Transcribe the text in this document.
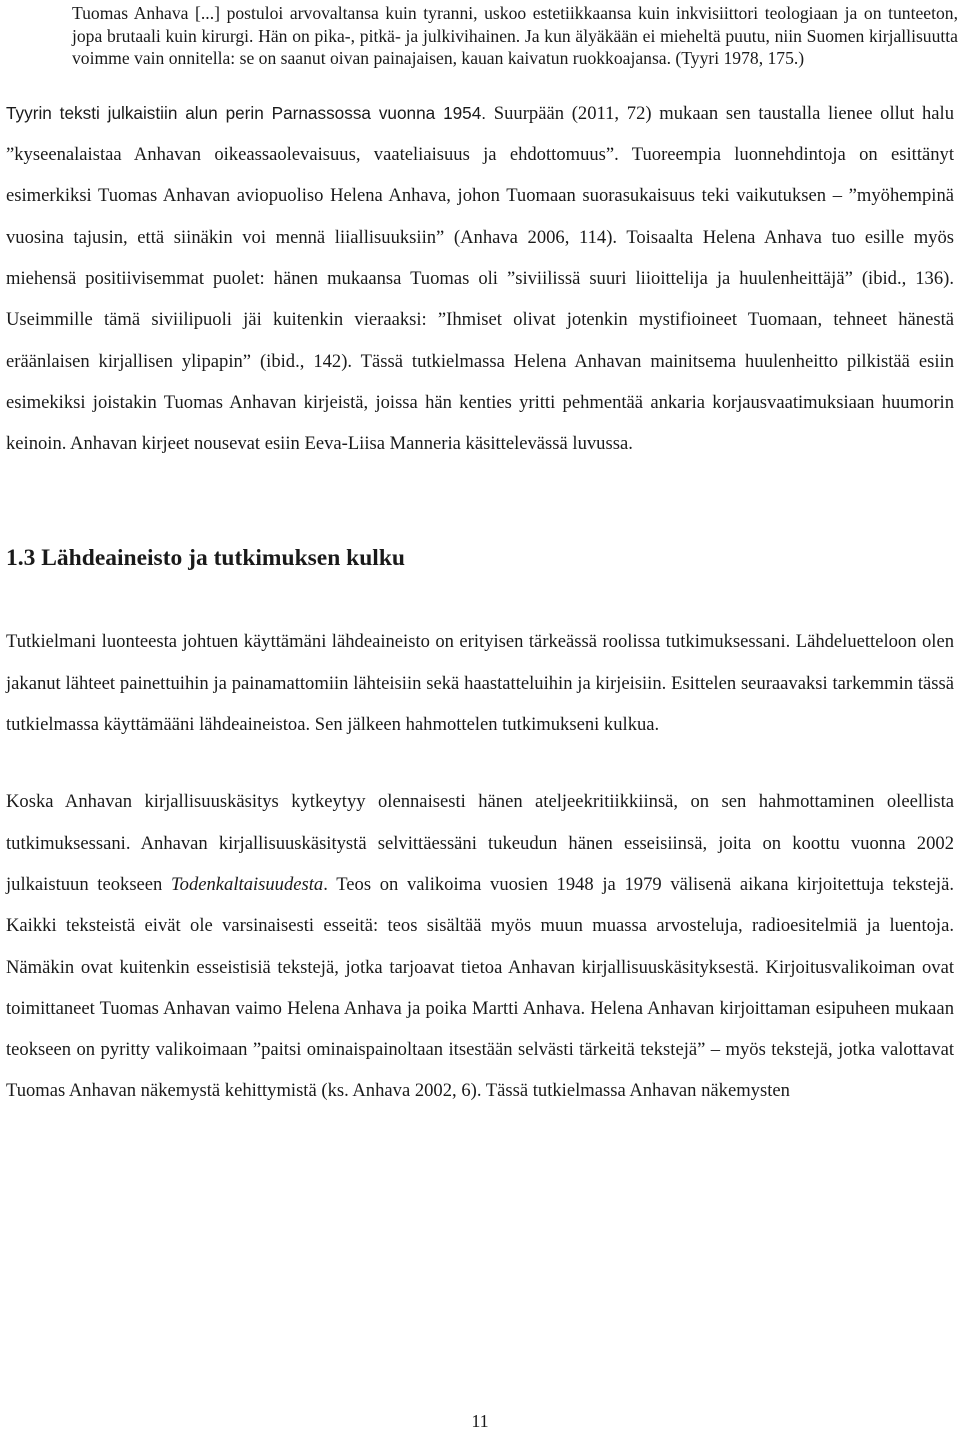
Tuomas Anhava [...] postuloi arvovaltansa kuin tyranni, uskoo estetiikkaansa kuin inkvisiittori teologiaan ja on tunteeton, jopa brutaali kuin kirurgi. Hän on pika-, pitkä- ja julkivihainen. Ja kun älyäkään ei mieheltä puutu, niin Suomen kirjallisuutta voimme vain onnitella: se on saanut oivan painajaisen, kauan kaivatun ruokkoajansa. (Tyyri 1978, 175.)

Tyyrin teksti julkaistiin alun perin Parnassossa vuonna 1954. Suurpään (2011, 72) mukaan sen taustalla lienee ollut halu ”kyseenalaistaa Anhavan oikeassaolevaisuus, vaateliaisuus ja ehdottomuus”. Tuoreempia luonnehdintoja on esittänyt esimerkiksi Tuomas Anhavan aviopuoliso Helena Anhava, johon Tuomaan suorasukaisuus teki vaikutuksen – ”myöhempinä vuosina tajusin, että siinäkin voi mennä liiallisuuksiin” (Anhava 2006, 114). Toisaalta Helena Anhava tuo esille myös miehensä positiivisemmat puolet: hänen mukaansa Tuomas oli ”siviilissä suuri liioittelija ja huulenheittäjä” (ibid., 136). Useimmille tämä siviilipuoli jäi kuitenkin vieraaksi: ”Ihmiset olivat jotenkin mystifioineet Tuomaan, tehneet hänestä eräänlaisen kirjallisen ylipapin” (ibid., 142). Tässä tutkielmassa Helena Anhavan mainitsema huulenheitto pilkistää esiin esimekiksi joistakin Tuomas Anhavan kirjeistä, joissa hän kenties yritti pehmentää ankaria korjausvaatimuksiaan huumorin keinoin. Anhavan kirjeet nousevat esiin Eeva-Liisa Manneria käsittelevässä luvussa.

1.3 Lähdeaineisto ja tutkimuksen kulku

Tutkielmani luonteesta johtuen käyttämäni lähdeaineisto on erityisen tärkeässä roolissa tutkimuksessani. Lähdeluetteloon olen jakanut lähteet painettuihin ja painamattomiin lähteisiin sekä haastatteluihin ja kirjeisiin. Esittelen seuraavaksi tarkemmin tässä tutkielmassa käyttämääni lähdeaineistoa. Sen jälkeen hahmottelen tutkimukseni kulkua.

Koska Anhavan kirjallisuuskäsitys kytkeytyy olennaisesti hänen ateljeekritiikkiinsä, on sen hahmottaminen oleellista tutkimuksessani. Anhavan kirjallisuuskäsitystä selvittäessäni tukeudun hänen esseisiinsä, joita on koottu vuonna 2002 julkaistuun teokseen Todenkaltaisuudesta. Teos on valikoima vuosien 1948 ja 1979 välisenä aikana kirjoitettuja tekstejä. Kaikki teksteistä eivät ole varsinaisesti esseitä: teos sisältää myös muun muassa arvosteluja, radioesitelmiä ja luentoja. Nämäkin ovat kuitenkin esseistisiä tekstejä, jotka tarjoavat tietoa Anhavan kirjallisuuskäsityksestä. Kirjoitusvalikoiman ovat toimittaneet Tuomas Anhavan vaimo Helena Anhava ja poika Martti Anhava. Helena Anhavan kirjoittaman esipuheen mukaan teokseen on pyritty valikoimaan ”paitsi ominaispainoltaan itsestään selvästi tärkeitä tekstejä” – myös tekstejä, jotka valottavat Tuomas Anhavan näkemystä kehittymistä (ks. Anhava 2002, 6). Tässä tutkielmassa Anhavan näkemysten

11
